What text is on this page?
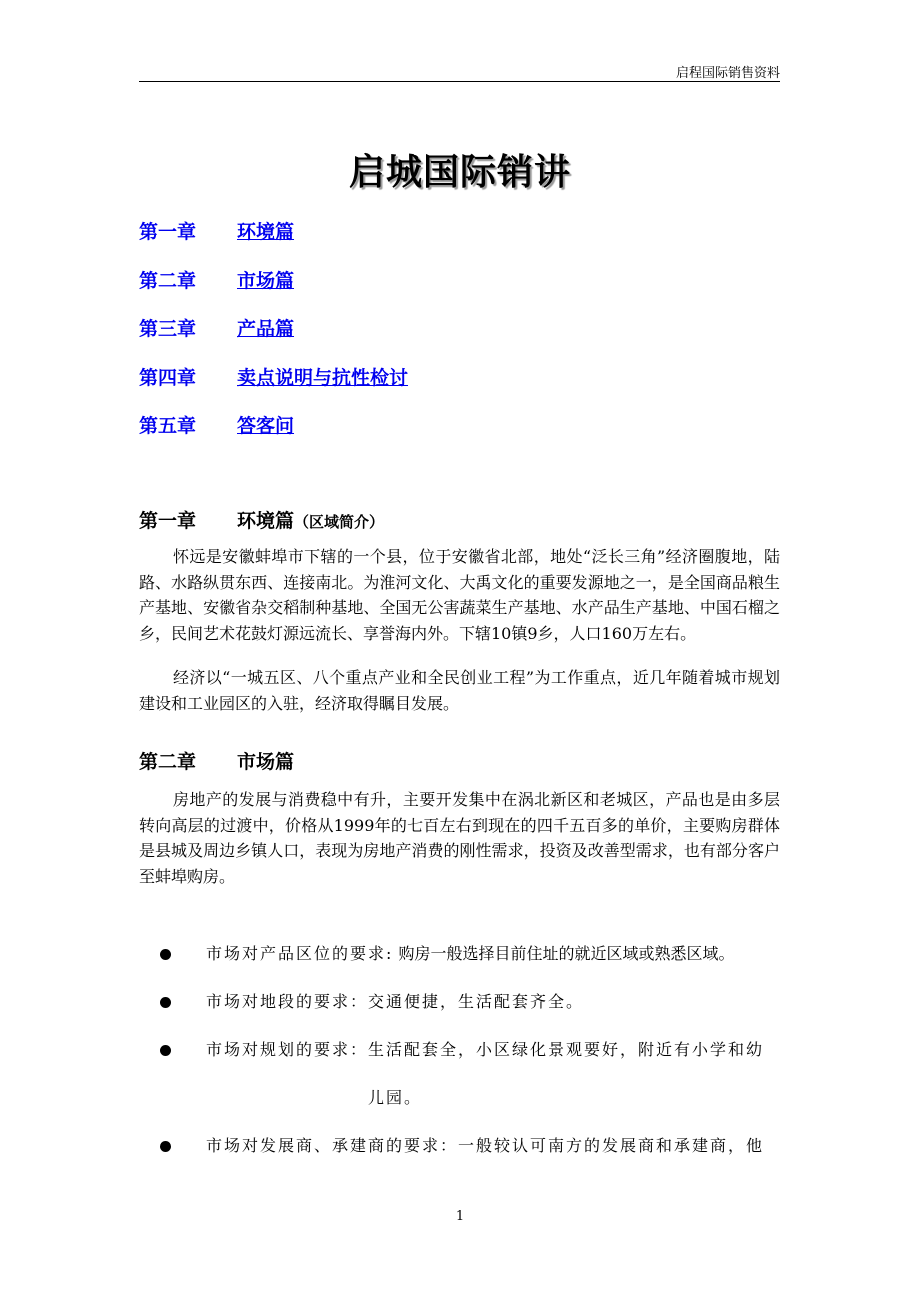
启程国际销售资料
启城国际销讲
第一章 环境篇
第二章 市场篇
第三章 产品篇
第四章 卖点说明与抗性检讨
第五章 答客问
第一章 环境篇（区域简介）

怀远是安徽蚌埠市下辖的一个县，位于安徽省北部，地处“泛长三角”经济圈腹地，陆路、水路纵贯东西、连接南北。为淮河文化、大禹文化的重要发源地之一，是全国商品粮生产基地、安徽省杂交稻制种基地、全国无公害蔬菜生产基地、水产品生产基地、中国石榴之乡，民间艺术花鼓灯源远流长、享誉海内外。下辖10镇9乡，人口160万左右。

经济以“一城五区、八个重点产业和全民创业工程”为工作重点，近几年随着城市规划建设和工业园区的入驻，经济取得瞩目发展。

第二章 市场篇

房地产的发展与消费稳中有升，主要开发集中在涡北新区和老城区，产品也是由多层转向高层的过渡中，价格从1999年的七百左右到现在的四千五百多的单价，主要购房群体是县城及周边乡镇人口，表现为房地产消费的刚性需求，投资及改善型需求，也有部分客户至蚌埠购房。

市场对产品区位的要求: 购房一般选择目前住址的就近区域或熟悉区域。
市场对地段的要求：交通便捷，生活配套齐全。
市场对规划的要求：生活配套全，小区绿化景观要好，附近有小学和幼
儿园。
市场对发展商、承建商的要求：一般较认可南方的发展商和承建商，他
1
